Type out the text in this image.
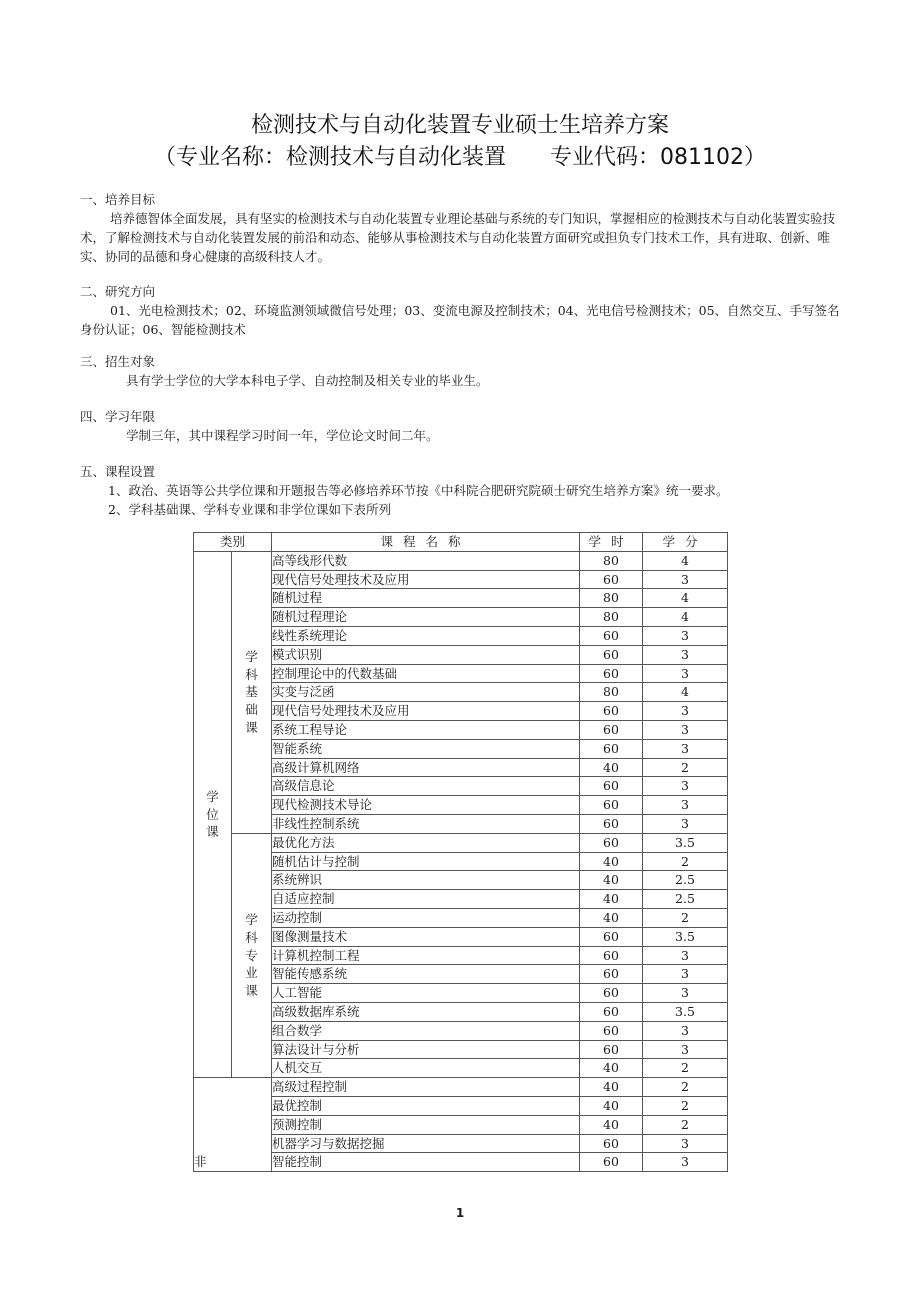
检测技术与自动化装置专业硕士生培养方案
（专业名称：检测技术与自动化装置 专业代码：081102）

一、培养目标

培养德智体全面发展，具有坚实的检测技术与自动化装置专业理论基础与系统的专门知识，掌握相应的检测技术与自动化装置实验技术，了解检测技术与自动化装置发展的前沿和动态、能够从事检测技术与自动化装置方面研究或担负专门技术工作，具有进取、创新、唯实、协同的品德和身心健康的高级科技人才。

二、研究方向

01、光电检测技术；02、环境监测领域微信号处理；03、变流电源及控制技术；04、光电信号检测技术；05、自然交互、手写签名身份认证；06、智能检测技术

三、招生对象

具有学士学位的大学本科电子学、自动控制及相关专业的毕业生。

四、学习年限

学制三年，其中课程学习时间一年，学位论文时间二年。

五、课程设置

1、政治、英语等公共学位课和开题报告等必修培养环节按《中科院合肥研究院硕士研究生培养方案》统一要求。

2、学科基础课、学科专业课和非学位课如下表所列

类别		课程名称	学时	学分
学位课	学科基础课	高等线形代数	80	4
		现代信号处理技术及应用	60	3
		随机过程	80	4
		随机过程理论	80	4
		线性系统理论	60	3
		模式识别	60	3
		控制理论中的代数基础	60	3
		实变与泛函	80	4
		现代信号处理技术及应用	60	3
		系统工程导论	60	3
		智能系统	60	3
		高级计算机网络	40	2
		高级信息论	60	3
		现代检测技术导论	60	3
		非线性控制系统	60	3
	学科专业课	最优化方法	60	3.5
		随机估计与控制	40	2
		系统辨识	40	2.5
		自适应控制	40	2.5
		运动控制	40	2
		图像测量技术	60	3.5
		计算机控制工程	60	3
		智能传感系统	60	3
		人工智能	60	3
		高级数据库系统	60	3.5
		组合数学	60	3
		算法设计与分析	60	3
		人机交互	40	2
非		高级过程控制	40	2
		最优控制	40	2
		预测控制	40	2
		机器学习与数据挖掘	60	3
		智能控制	60	3
1
